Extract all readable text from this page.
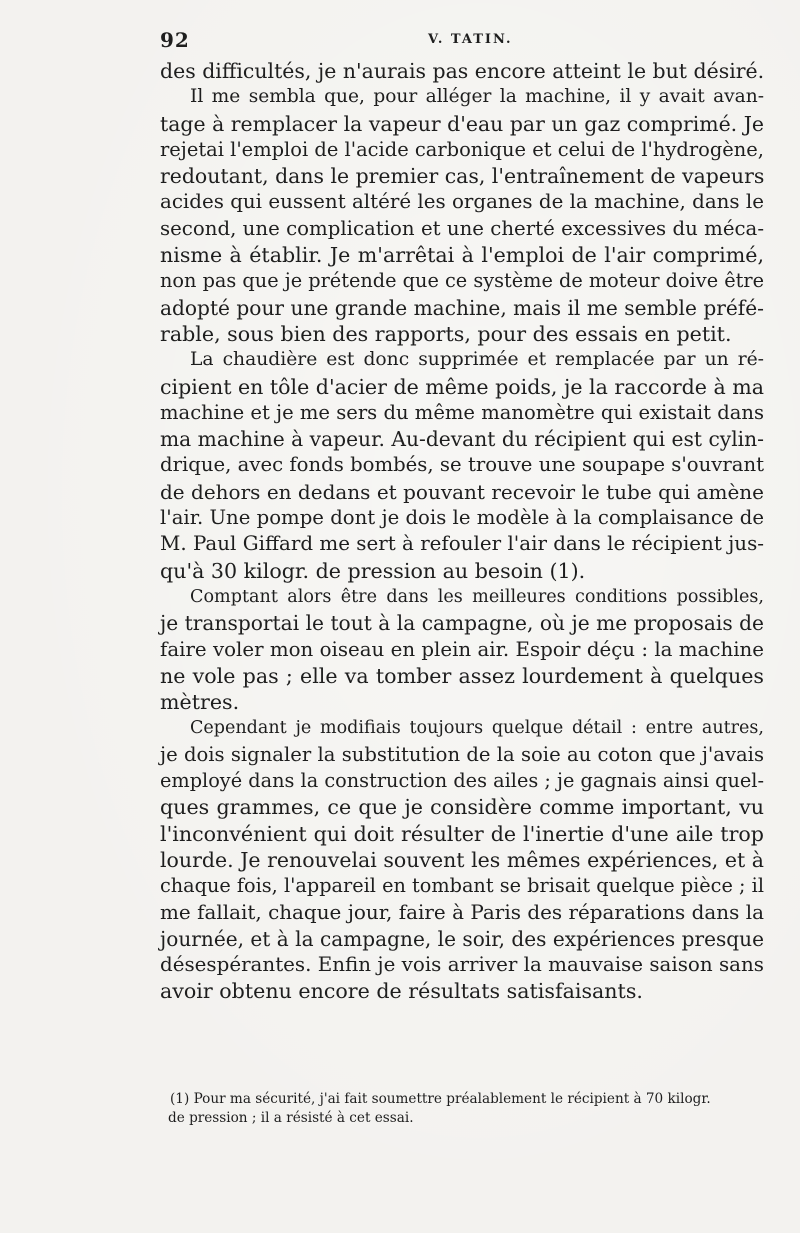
92	V. TATIN.
des difficultés, je n'aurais pas encore atteint le but désiré.
Il me sembla que, pour alléger la machine, il y avait avan-
tage à remplacer la vapeur d'eau par un gaz comprimé. Je
rejetai l'emploi de l'acide carbonique et celui de l'hydrogène,
redoutant, dans le premier cas, l'entraînement de vapeurs
acides qui eussent altéré les organes de la machine, dans le
second, une complication et une cherté excessives du méca-
nisme à établir. Je m'arrêtai à l'emploi de l'air comprimé,
non pas que je prétende que ce système de moteur doive être
adopté pour une grande machine, mais il me semble préfé-
rable, sous bien des rapports, pour des essais en petit.
La chaudière est donc supprimée et remplacée par un ré-
cipient en tôle d'acier de même poids, je la raccorde à ma
machine et je me sers du même manomètre qui existait dans
ma machine à vapeur. Au-devant du récipient qui est cylin-
drique, avec fonds bombés, se trouve une soupape s'ouvrant
de dehors en dedans et pouvant recevoir le tube qui amène
l'air. Une pompe dont je dois le modèle à la complaisance de
M. Paul Giffard me sert à refouler l'air dans le récipient jus-
qu'à 30 kilogr. de pression au besoin (1).
Comptant alors être dans les meilleures conditions possibles,
je transportai le tout à la campagne, où je me proposais de
faire voler mon oiseau en plein air. Espoir déçu : la machine
ne vole pas ; elle va tomber assez lourdement à quelques
mètres.
Cependant je modifiais toujours quelque détail : entre autres,
je dois signaler la substitution de la soie au coton que j'avais
employé dans la construction des ailes ; je gagnais ainsi quel-
ques grammes, ce que je considère comme important, vu
l'inconvénient qui doit résulter de l'inertie d'une aile trop
lourde. Je renouvelai souvent les mêmes expériences, et à
chaque fois, l'appareil en tombant se brisait quelque pièce ; il
me fallait, chaque jour, faire à Paris des réparations dans la
journée, et à la campagne, le soir, des expériences presque
désespérantes. Enfin je vois arriver la mauvaise saison sans
avoir obtenu encore de résultats satisfaisants.
(1) Pour ma sécurité, j'ai fait soumettre préalablement le récipient à 70 kilogr.
de pression ; il a résisté à cet essai.
